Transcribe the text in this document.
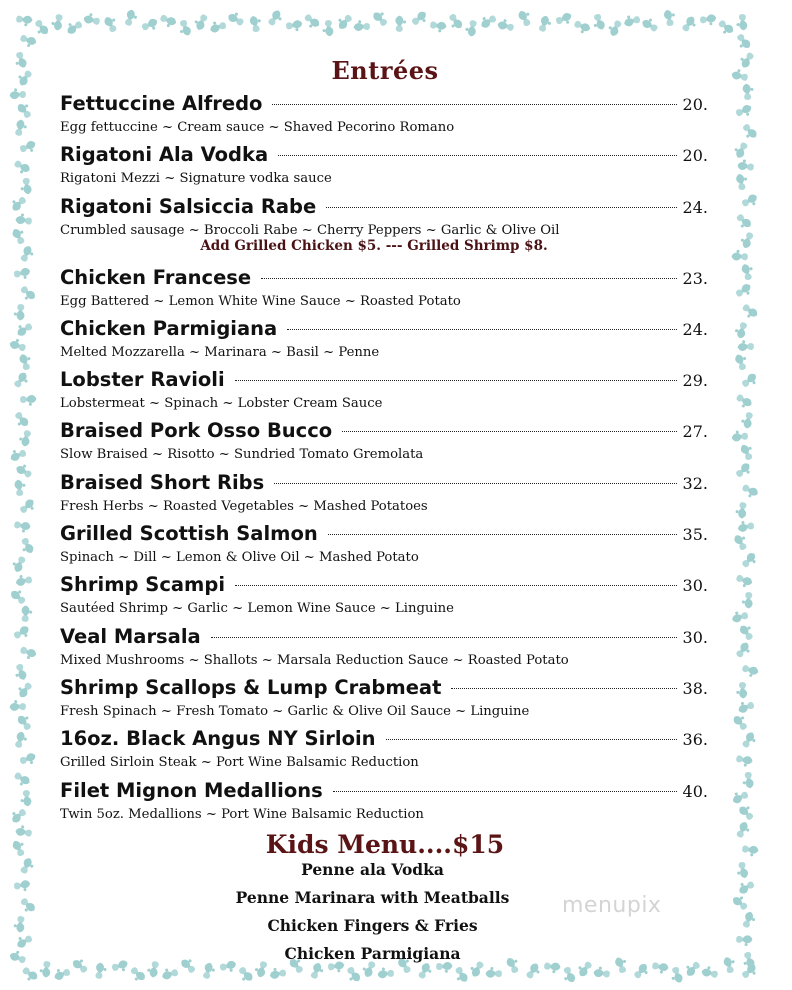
Entrées
Fettuccine Alfredo	20.
Egg fettuccine ~ Cream sauce ~ Shaved Pecorino Romano
Rigatoni Ala Vodka	20.
Rigatoni Mezzi ~ Signature vodka sauce
Rigatoni Salsiccia Rabe	24.
Crumbled sausage ~ Broccoli Rabe ~ Cherry Peppers ~ Garlic & Olive Oil
Add Grilled Chicken $5. --- Grilled Shrimp $8.
Chicken Francese	23.
Egg Battered ~ Lemon White Wine Sauce ~ Roasted Potato
Chicken Parmigiana	24.
Melted Mozzarella ~ Marinara ~ Basil ~ Penne
Lobster Ravioli	29.
Lobstermeat ~ Spinach ~ Lobster Cream Sauce
Braised Pork Osso Bucco	27.
Slow Braised ~ Risotto ~ Sundried Tomato Gremolata
Braised Short Ribs	32.
Fresh Herbs ~ Roasted Vegetables ~ Mashed Potatoes
Grilled Scottish Salmon	35.
Spinach ~ Dill ~ Lemon & Olive Oil ~ Mashed Potato
Shrimp Scampi	30.
Sautéed Shrimp ~ Garlic ~ Lemon Wine Sauce ~ Linguine
Veal Marsala	30.
Mixed Mushrooms ~ Shallots ~ Marsala Reduction Sauce ~ Roasted Potato
Shrimp Scallops & Lump Crabmeat	38.
Fresh Spinach ~ Fresh Tomato ~ Garlic & Olive Oil Sauce ~ Linguine
16oz. Black Angus NY Sirloin	36.
Grilled Sirloin Steak ~ Port Wine Balsamic Reduction
Filet Mignon Medallions	40.
Twin 5oz. Medallions ~ Port Wine Balsamic Reduction
Kids Menu....$15
Penne ala Vodka
Penne Marinara with Meatballs
Chicken Fingers & Fries
Chicken Parmigiana
menupix
